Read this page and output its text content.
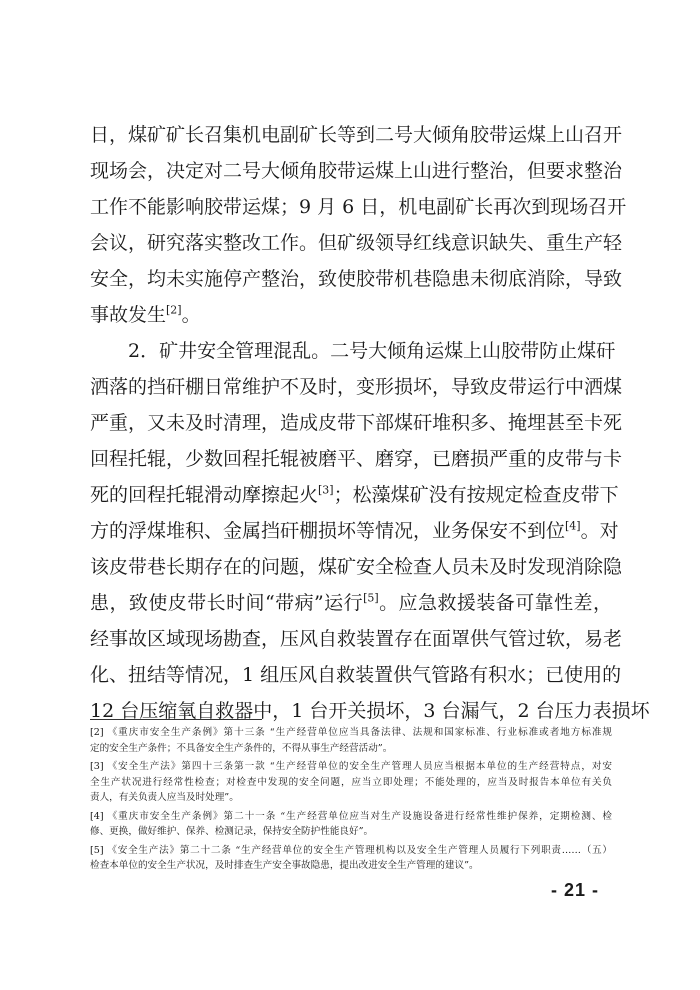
日，煤矿矿长召集机电副矿长等到二号大倾角胶带运煤上山召开
现场会，决定对二号大倾角胶带运煤上山进行整治，但要求整治
工作不能影响胶带运煤；9 月 6 日，机电副矿长再次到现场召开
会议，研究落实整改工作。但矿级领导红线意识缺失、重生产轻
安全，均未实施停产整治，致使胶带机巷隐患未彻底消除，导致
事故发生[2]。
2．矿井安全管理混乱。二号大倾角运煤上山胶带防止煤矸
洒落的挡矸棚日常维护不及时，变形损坏，导致皮带运行中洒煤
严重，又未及时清理，造成皮带下部煤矸堆积多、掩埋甚至卡死
回程托辊，少数回程托辊被磨平、磨穿，已磨损严重的皮带与卡
死的回程托辊滑动摩擦起火[3]；松藻煤矿没有按规定检查皮带下
方的浮煤堆积、金属挡矸棚损坏等情况，业务保安不到位[4]。对
该皮带巷长期存在的问题，煤矿安全检查人员未及时发现消除隐
患，致使皮带长时间“带病”运行[5]。应急救援装备可靠性差，
经事故区域现场勘查，压风自救装置存在面罩供气管过软，易老
化、扭结等情况，1 组压风自救装置供气管路有积水；已使用的
12 台压缩氧自救器中，1 台开关损坏，3 台漏气，2 台压力表损坏
[2] 《重庆市安全生产条例》第十三条 “生产经营单位应当具备法律、法规和国家标准、行业标准或者地方标准规
定的安全生产条件；不具备安全生产条件的，不得从事生产经营活动”。
[3] 《安全生产法》第四十三条第一款 “生产经营单位的安全生产管理人员应当根据本单位的生产经营特点，对安
全生产状况进行经常性检查；对检查中发现的安全问题，应当立即处理；不能处理的，应当及时报告本单位有关负
责人，有关负责人应当及时处理”。
[4] 《重庆市安全生产条例》第二十一条 “生产经营单位应当对生产设施设备进行经常性维护保养，定期检测、检
修、更换，做好维护、保养、检测记录，保持安全防护性能良好”。
[5] 《安全生产法》第二十二条 “生产经营单位的安全生产管理机构以及安全生产管理人员履行下列职责……（五）
检查本单位的安全生产状况，及时排查生产安全事故隐患，提出改进安全生产管理的建议”。
- 21 -
